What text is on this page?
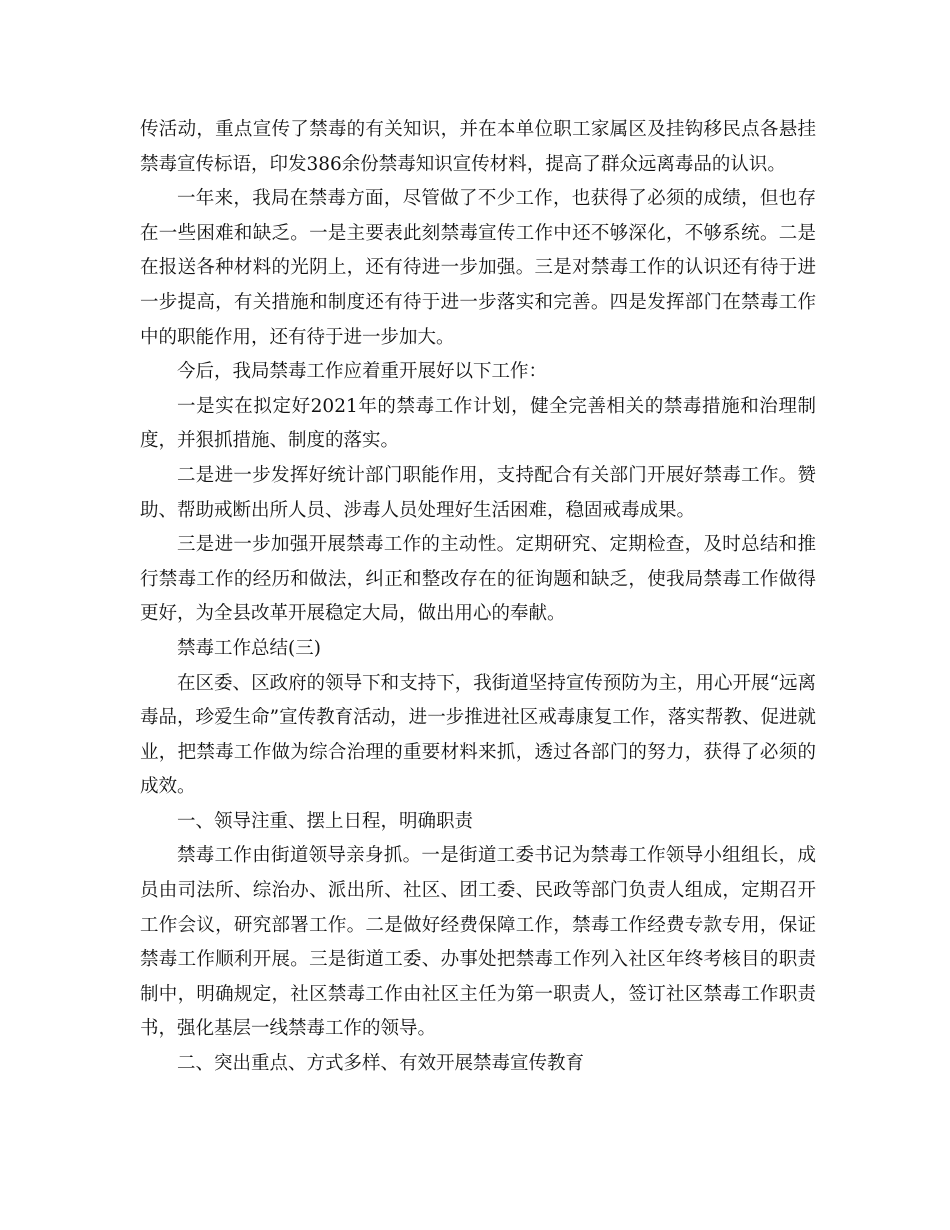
传活动，重点宣传了禁毒的有关知识，并在本单位职工家属区及挂钩移民点各悬挂禁毒宣传标语，印发386余份禁毒知识宣传材料，提高了群众远离毒品的认识。

一年来，我局在禁毒方面，尽管做了不少工作，也获得了必须的成绩，但也存在一些困难和缺乏。一是主要表此刻禁毒宣传工作中还不够深化，不够系统。二是在报送各种材料的光阴上，还有待进一步加强。三是对禁毒工作的认识还有待于进一步提高，有关措施和制度还有待于进一步落实和完善。四是发挥部门在禁毒工作中的职能作用，还有待于进一步加大。

今后，我局禁毒工作应着重开展好以下工作：

一是实在拟定好2021年的禁毒工作计划，健全完善相关的禁毒措施和治理制度，并狠抓措施、制度的落实。

二是进一步发挥好统计部门职能作用，支持配合有关部门开展好禁毒工作。赞助、帮助戒断出所人员、涉毒人员处理好生活困难，稳固戒毒成果。

三是进一步加强开展禁毒工作的主动性。定期研究、定期检查，及时总结和推行禁毒工作的经历和做法，纠正和整改存在的征询题和缺乏，使我局禁毒工作做得更好，为全县改革开展稳定大局，做出用心的奉献。

禁毒工作总结(三)

在区委、区政府的领导下和支持下，我街道坚持宣传预防为主，用心开展“远离毒品，珍爱生命”宣传教育活动，进一步推进社区戒毒康复工作，落实帮教、促进就业，把禁毒工作做为综合治理的重要材料来抓，透过各部门的努力，获得了必须的成效。

一、领导注重、摆上日程，明确职责

禁毒工作由街道领导亲身抓。一是街道工委书记为禁毒工作领导小组组长，成员由司法所、综治办、派出所、社区、团工委、民政等部门负责人组成，定期召开工作会议，研究部署工作。二是做好经费保障工作，禁毒工作经费专款专用，保证禁毒工作顺利开展。三是街道工委、办事处把禁毒工作列入社区年终考核目的职责制中，明确规定，社区禁毒工作由社区主任为第一职责人，签订社区禁毒工作职责书，强化基层一线禁毒工作的领导。

二、突出重点、方式多样、有效开展禁毒宣传教育
